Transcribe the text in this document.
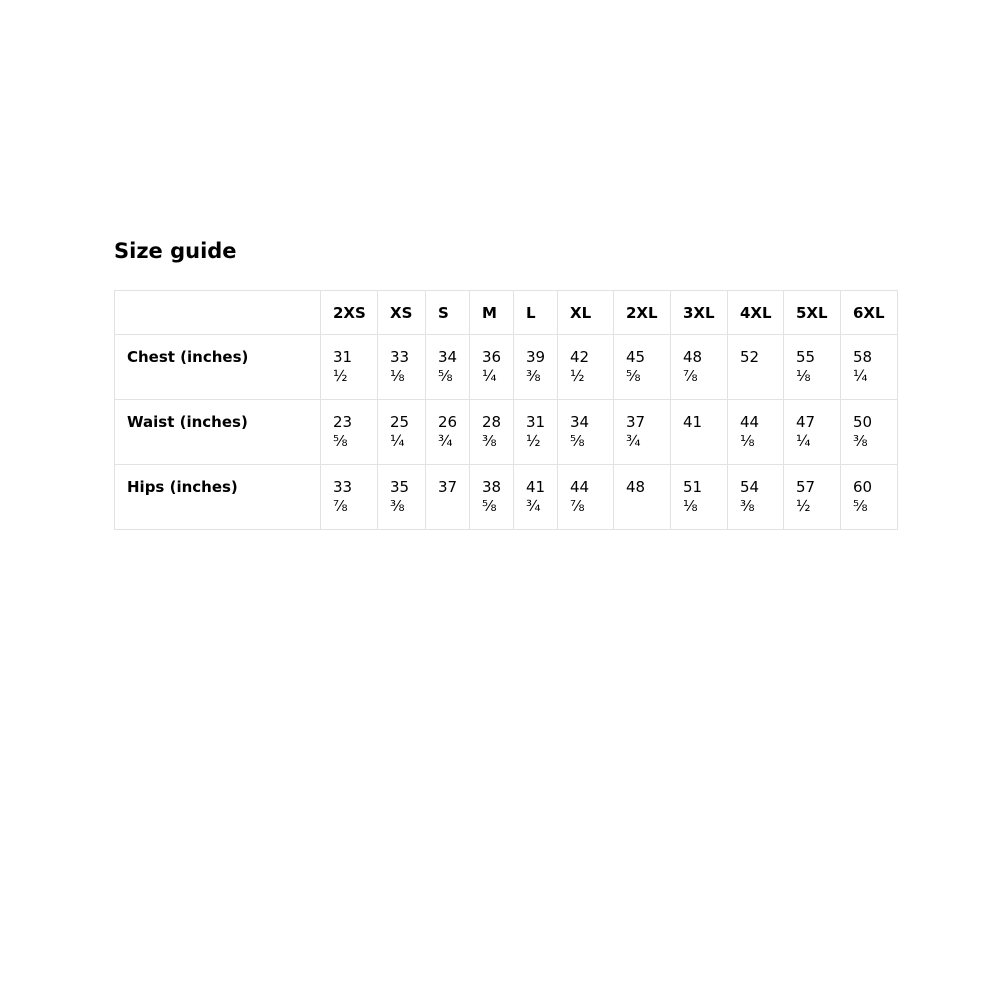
Size guide
	2XS	XS	S	M	L	XL	2XL	3XL	4XL	5XL	6XL
Chest (inches)	31 ½	33 ⅛	34 ⅝	36 ¼	39 ⅜	42 ½	45 ⅝	48 ⅞	52	55 ⅛	58 ¼
Waist (inches)	23 ⅝	25 ¼	26 ¾	28 ⅜	31 ½	34 ⅝	37 ¾	41	44 ⅛	47 ¼	50 ⅜
Hips (inches)	33 ⅞	35 ⅜	37	38 ⅝	41 ¾	44 ⅞	48	51 ⅛	54 ⅜	57 ½	60 ⅝
